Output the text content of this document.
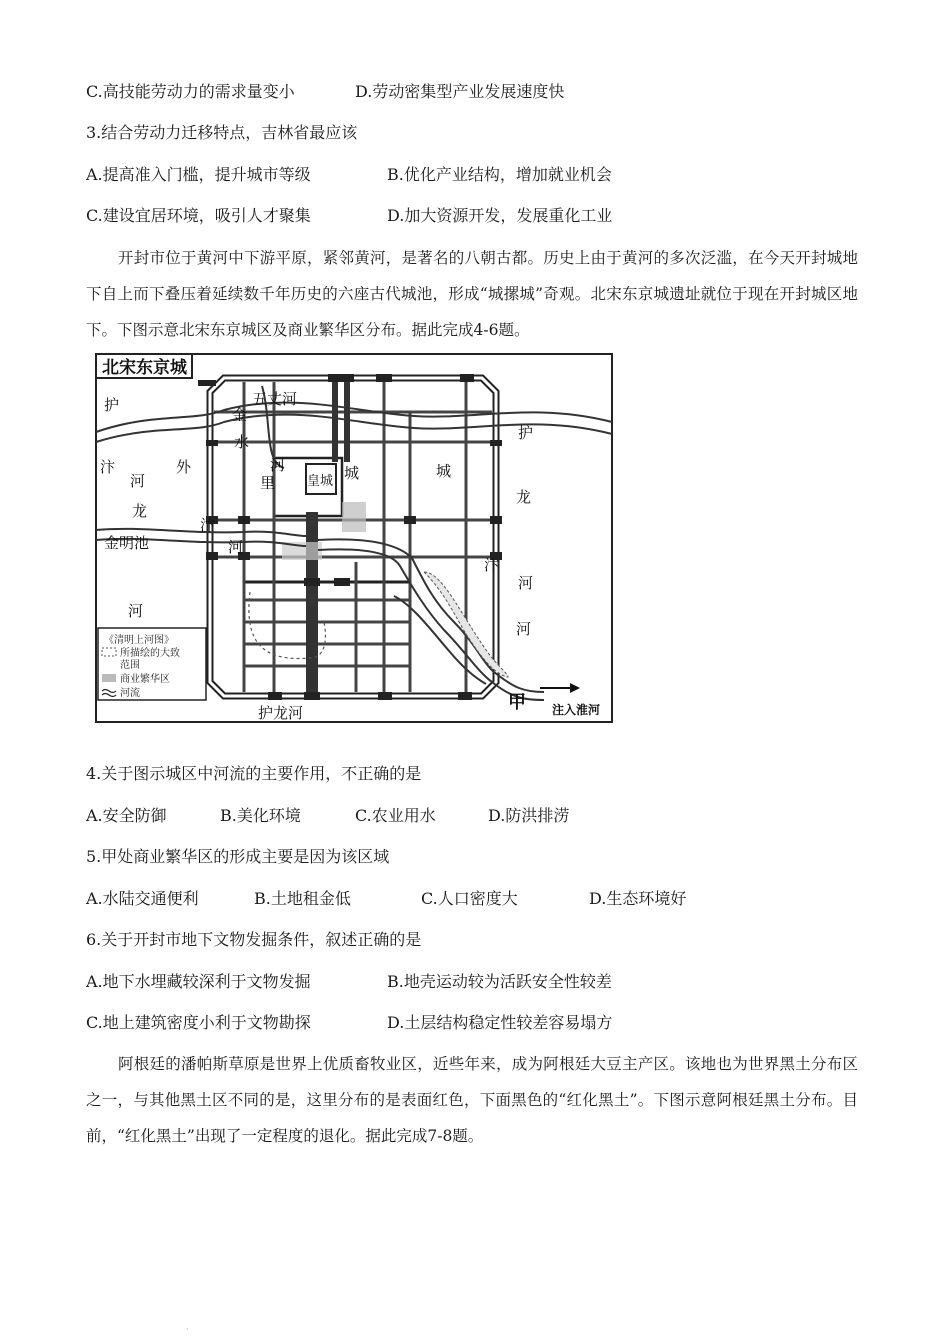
C.高技能劳动力的需求量变小	D.劳动密集型产业发展速度快
3.结合劳动力迁移特点，吉林省最应该
A.提高准入门槛，提升城市等级	B.优化产业结构，增加就业机会
C.建设宜居环境，吸引人才聚集	D.加大资源开发，发展重化工业
开封市位于黄河中下游平原，紧邻黄河，是著名的八朝古都。历史上由于黄河的多次泛滥，在今天开封城地下自上而下叠压着延续数千年历史的六座古代城池，形成“城摞城”奇观。北宋东京城遗址就位于现在开封城区地下。下图示意北宋东京城区及商业繁华区分布。据此完成4-6题。
北宋东京城
《清明上河图》
所描绘的大致
范围
商业繁华区
河流
护
金
水
五丈河
河
汴
河
外
里
城
皇城
龙
金明池
汴
河
河
护
城
龙
汴
河
河
护龙河	甲 注入淮河
4.关于图示城区中河流的主要作用，不正确的是
A.安全防御	B.美化环境	C.农业用水	D.防洪排涝
5.甲处商业繁华区的形成主要是因为该区域
A.水陆交通便利	B.土地租金低	C.人口密度大	D.生态环境好
6.关于开封市地下文物发掘条件，叙述正确的是
A.地下水埋藏较深利于文物发掘	B.地壳运动较为活跃安全性较差
C.地上建筑密度小利于文物勘探	D.土层结构稳定性较差容易塌方
阿根廷的潘帕斯草原是世界上优质畜牧业区，近些年来，成为阿根廷大豆主产区。该地也为世界黑土分布区之一，与其他黑土区不同的是，这里分布的是表面红色，下面黑色的“红化黑土”。下图示意阿根廷黑土分布。目前，“红化黑土”出现了一定程度的退化。据此完成7-8题。
·
